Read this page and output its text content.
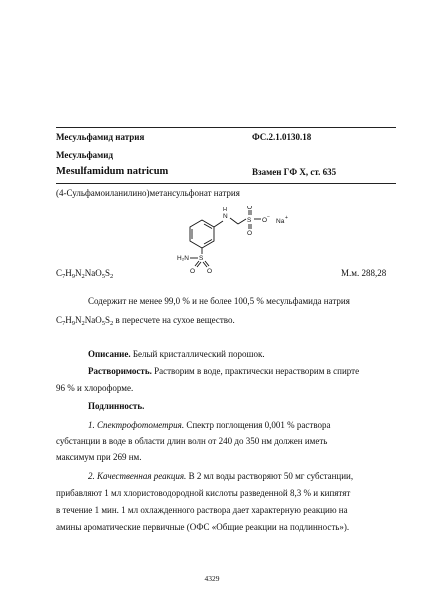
Месульфамид натрия	ФС.2.1.0130.18
Месульфамид
Mesulfamidum natricum	Взамен ГФ X, ст. 635
(4-Сульфамоиланилино)метансульфонат натрия
N
H
S
O
O
O −
Na +
H₂N S
O O
$C_7H_9N_2NaO_5S_2$	М.м. 288,28
Содержит не менее 99,0 % и не более 100,5 % месульфамида натрия
$C_7H_9N_2NaO_5S_2$ в пересчете на сухое вещество.
Описание. Белый кристаллический порошок.
Растворимость. Растворим в воде, практически нерастворим в спирте
96 % и хлороформе.
Подлинность.
1. Спектрофотометрия. Спектр поглощения 0,001 % раствора
субстанции в воде в области длин волн от 240 до 350 нм должен иметь
максимум при 269 нм.
2. Качественная реакция. В 2 мл воды растворяют 50 мг субстанции,
прибавляют 1 мл хлористоводородной кислоты разведенной 8,3 % и кипятят
в течение 1 мин. 1 мл охлажденного раствора дает характерную реакцию на
амины ароматические первичные (ОФС «Общие реакции на подлинность»).
4329
